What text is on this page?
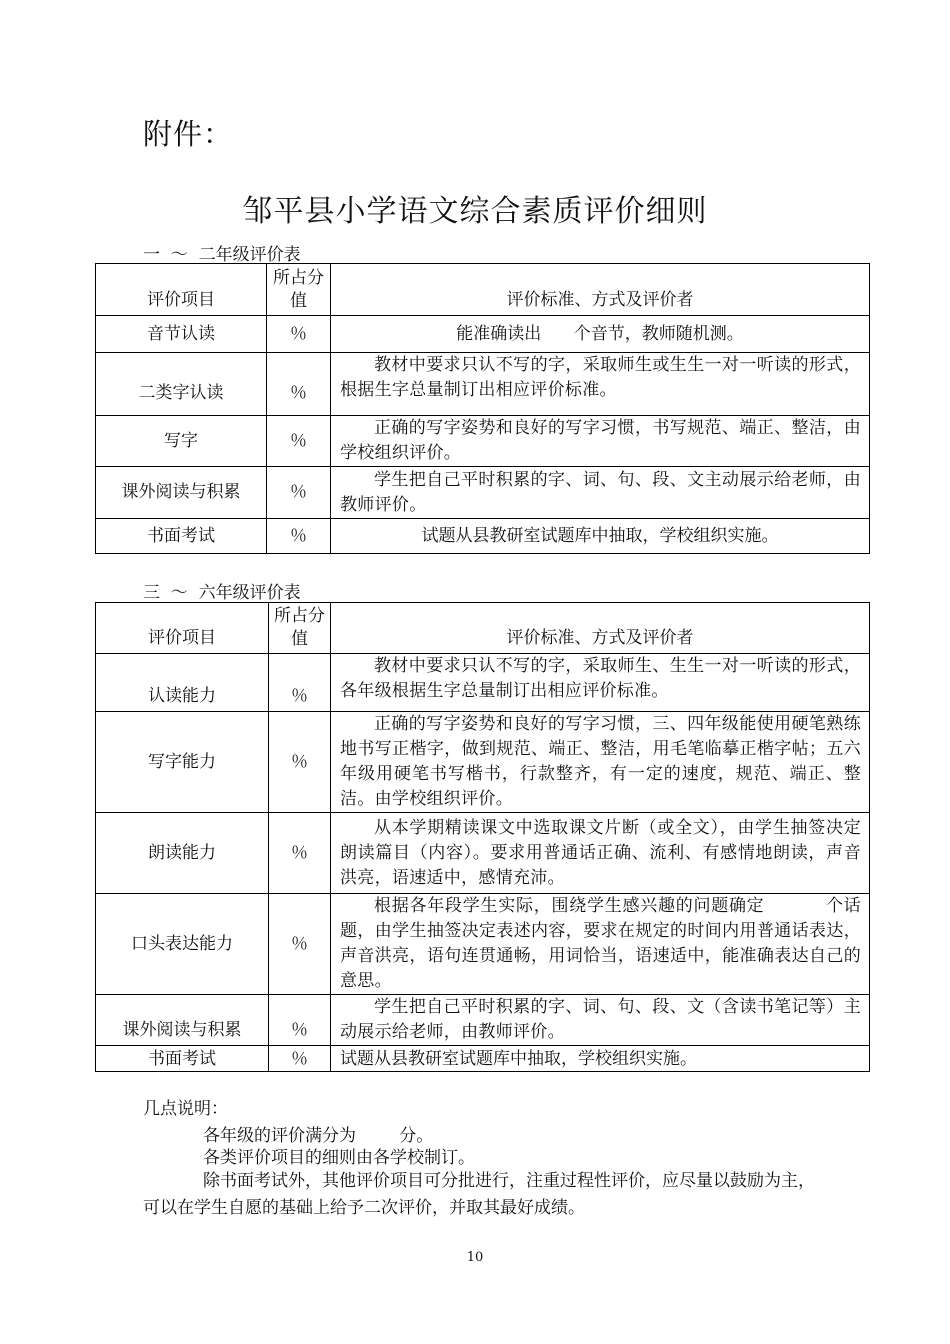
附件：
邹平县小学语文综合素质评价细则
一  ～  二年级评价表
评价项目	所占分值	评价标准、方式及评价者
音节认读	％	能准确读出      个音节，教师随机测。
二类字认读	％	教材中要求只认不写的字，采取师生或生生一对一听读的形式，根据生字总量制订出相应评价标准。

写字	％	正确的写字姿势和良好的写字习惯，书写规范、端正、整洁，由学校组织评价。

课外阅读与积累	％	学生把自己平时积累的字、词、句、段、文主动展示给老师，由教师评价。

书面考试	％	试题从县教研室试题库中抽取，学校组织实施。
三  ～  六年级评价表
评价项目	所占分值	评价标准、方式及评价者
认读能力	％	教材中要求只认不写的字，采取师生、生生一对一听读的形式，各年级根据生字总量制订出相应评价标准。

写字能力	％	正确的写字姿势和良好的写字习惯，三、四年级能使用硬笔熟练地书写正楷字，做到规范、端正、整洁，用毛笔临摹正楷字帖；五六年级用硬笔书写楷书，行款整齐，有一定的速度，规范、端正、整洁。由学校组织评价。

朗读能力	％	从本学期精读课文中选取课文片断（或全文），由学生抽签决定朗读篇目（内容）。要求用普通话正确、流利、有感情地朗读，声音洪亮，语速适中，感情充沛。

口头表达能力	％	根据各年段学生实际，围绕学生感兴趣的问题确定          个话题，由学生抽签决定表述内容，要求在规定的时间内用普通话表达，声音洪亮，语句连贯通畅，用词恰当，语速适中，能准确表达自己的意思。

课外阅读与积累	％	学生把自己平时积累的字、词、句、段、文（含读书笔记等）主动展示给老师，由教师评价。

书面考试	％	试题从县教研室试题库中抽取，学校组织实施。
几点说明：
各年级的评价满分为        分。
各类评价项目的细则由各学校制订。
除书面考试外，其他评价项目可分批进行，注重过程性评价，应尽量以鼓励为主，可以在学生自愿的基础上给予二次评价，并取其最好成绩。
10
